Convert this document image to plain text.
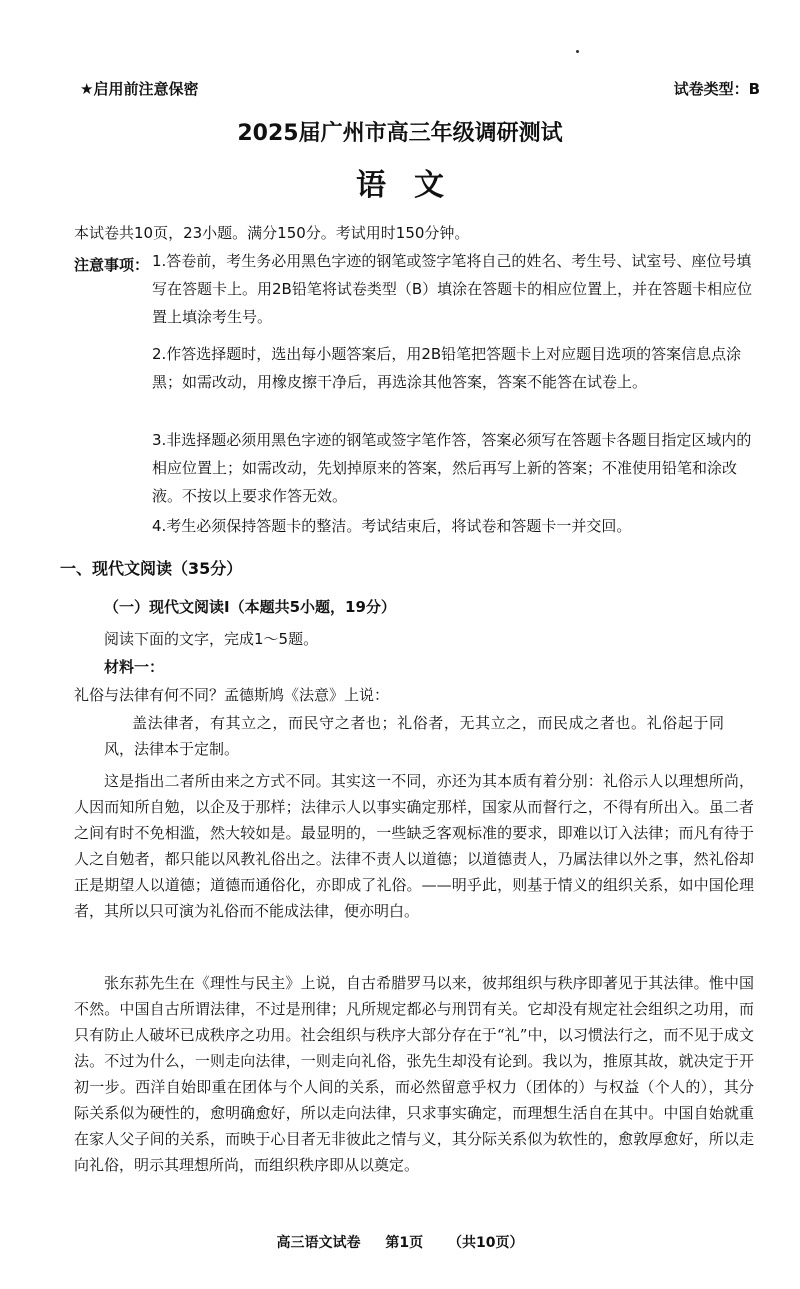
★启用前注意保密	试卷类型：B
2025届广州市高三年级调研测试
语文
本试卷共10页，23小题。满分150分。考试用时150分钟。
注意事项： 1.答卷前，考生务必用黑色字迹的钢笔或签字笔将自己的姓名、考生号、试室号、座位号填写在答题卡上。用2B铅笔将试卷类型（B）填涂在答题卡的相应位置上，并在答题卡相应位置上填涂考生号。
2.作答选择题时，选出每小题答案后，用2B铅笔把答题卡上对应题目选项的答案信息点涂黑；如需改动，用橡皮擦干净后，再选涂其他答案，答案不能答在试卷上。
3.非选择题必须用黑色字迹的钢笔或签字笔作答，答案必须写在答题卡各题目指定区域内的相应位置上；如需改动，先划掉原来的答案，然后再写上新的答案；不准使用铅笔和涂改液。不按以上要求作答无效。
4.考生必须保持答题卡的整洁。考试结束后，将试卷和答题卡一并交回。
一、现代文阅读（35分）
（一）现代文阅读Ⅰ（本题共5小题，19分）
阅读下面的文字，完成1～5题。
材料一：
礼俗与法律有何不同？孟德斯鸠《法意》上说：
盖法律者，有其立之，而民守之者也；礼俗者，无其立之，而民成之者也。礼俗起于同风，法律本于定制。
这是指出二者所由来之方式不同。其实这一不同，亦还为其本质有着分别：礼俗示人以理想所尚，人因而知所自勉，以企及于那样；法律示人以事实确定那样，国家从而督行之，不得有所出入。虽二者之间有时不免相滥，然大较如是。最显明的，一些缺乏客观标准的要求，即难以订入法律；而凡有待于人之自勉者，都只能以风教礼俗出之。法律不责人以道德；以道德责人，乃属法律以外之事，然礼俗却正是期望人以道德；道德而通俗化，亦即成了礼俗。——明乎此，则基于情义的组织关系，如中国伦理者，其所以只可演为礼俗而不能成法律，便亦明白。
张东荪先生在《理性与民主》上说，自古希腊罗马以来，彼邦组织与秩序即著见于其法律。惟中国不然。中国自古所谓法律，不过是刑律；凡所规定都必与刑罚有关。它却没有规定社会组织之功用，而只有防止人破坏已成秩序之功用。社会组织与秩序大部分存在于“礼”中，以习惯法行之，而不见于成文法。不过为什么，一则走向法律，一则走向礼俗，张先生却没有论到。我以为，推原其故，就决定于开初一步。西洋自始即重在团体与个人间的关系，而必然留意乎权力（团体的）与权益（个人的），其分际关系似为硬性的，愈明确愈好，所以走向法律，只求事实确定，而理想生活自在其中。中国自始就重在家人父子间的关系，而映于心目者无非彼此之情与义，其分际关系似为软性的，愈敦厚愈好，所以走向礼俗，明示其理想所尚，而组织秩序即从以奠定。
高三语文试卷 第1页 （共10页）
